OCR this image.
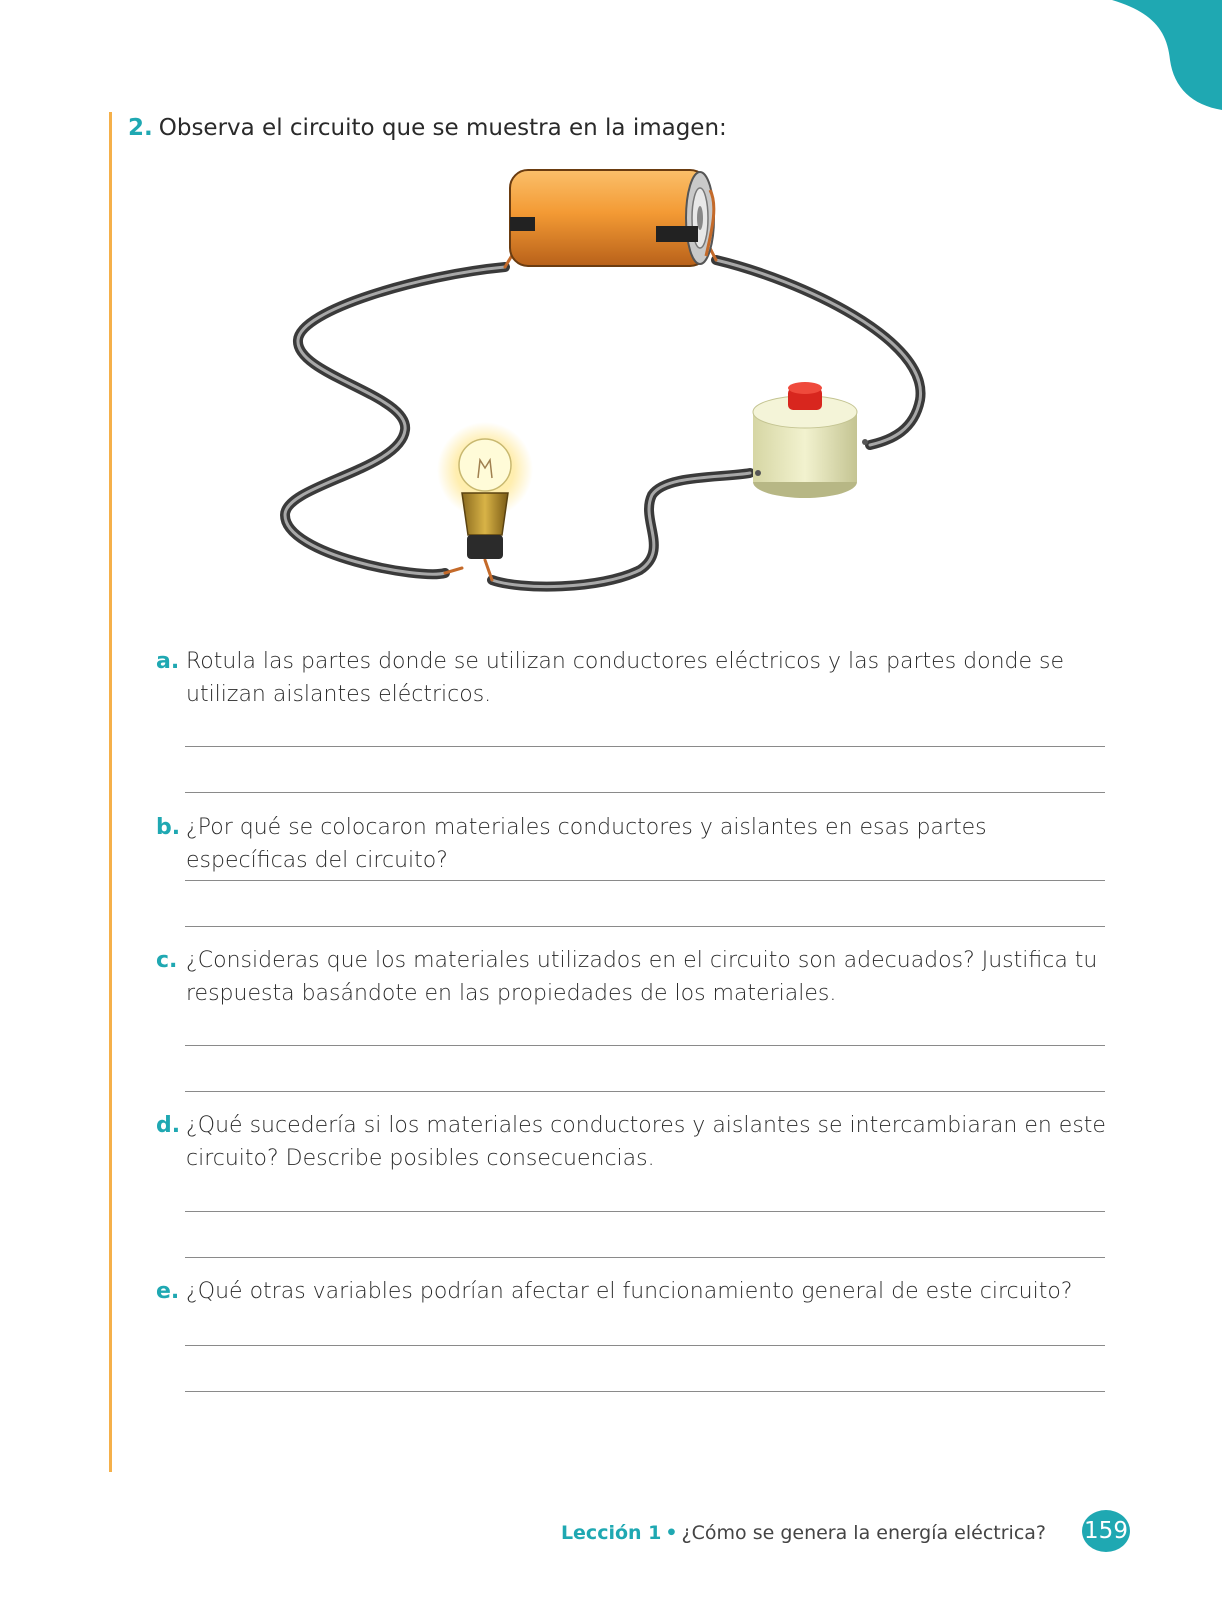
2. Observa el circuito que se muestra en la imagen:
a. Rotula las partes donde se utilizan conductores eléctricos y las partes donde se utilizan aislantes eléctricos.
b. ¿Por qué se colocaron materiales conductores y aislantes en esas partes específicas del circuito?
c. ¿Consideras que los materiales utilizados en el circuito son adecuados? Justifica tu respuesta basándote en las propiedades de los materiales.
d. ¿Qué sucedería si los materiales conductores y aislantes se intercambiaran en este circuito? Describe posibles consecuencias.
e. ¿Qué otras variables podrían afectar el funcionamiento general de este circuito?
Lección 1 • ¿Cómo se genera la energía eléctrica? 159
